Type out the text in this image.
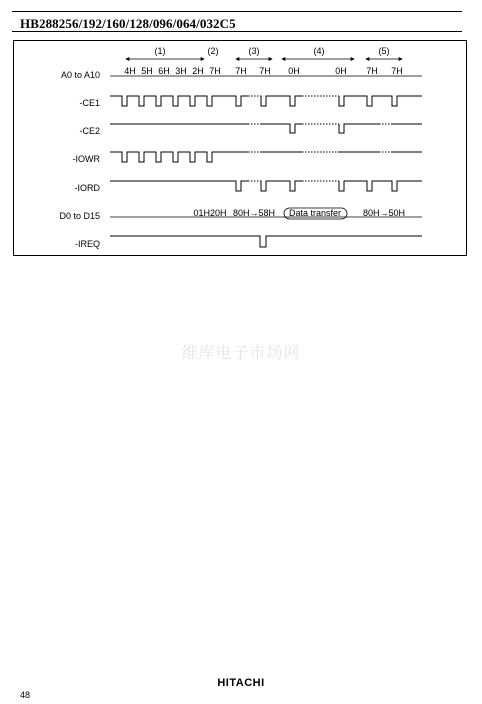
HB288256/192/160/128/096/064/032C5
(1)	(2)	(3)	(4)	(5)
A0 to A10
-CE1
-CE2
-IOWR
-IORD
D0 to D15
-IREQ
4H 5H 6H 3H 2H 7H 7H 7H 0H	0H 7H 7H
01H20H 80H→58H Data transfer 80H→50H
维库电子市场网
HITACHI
48
